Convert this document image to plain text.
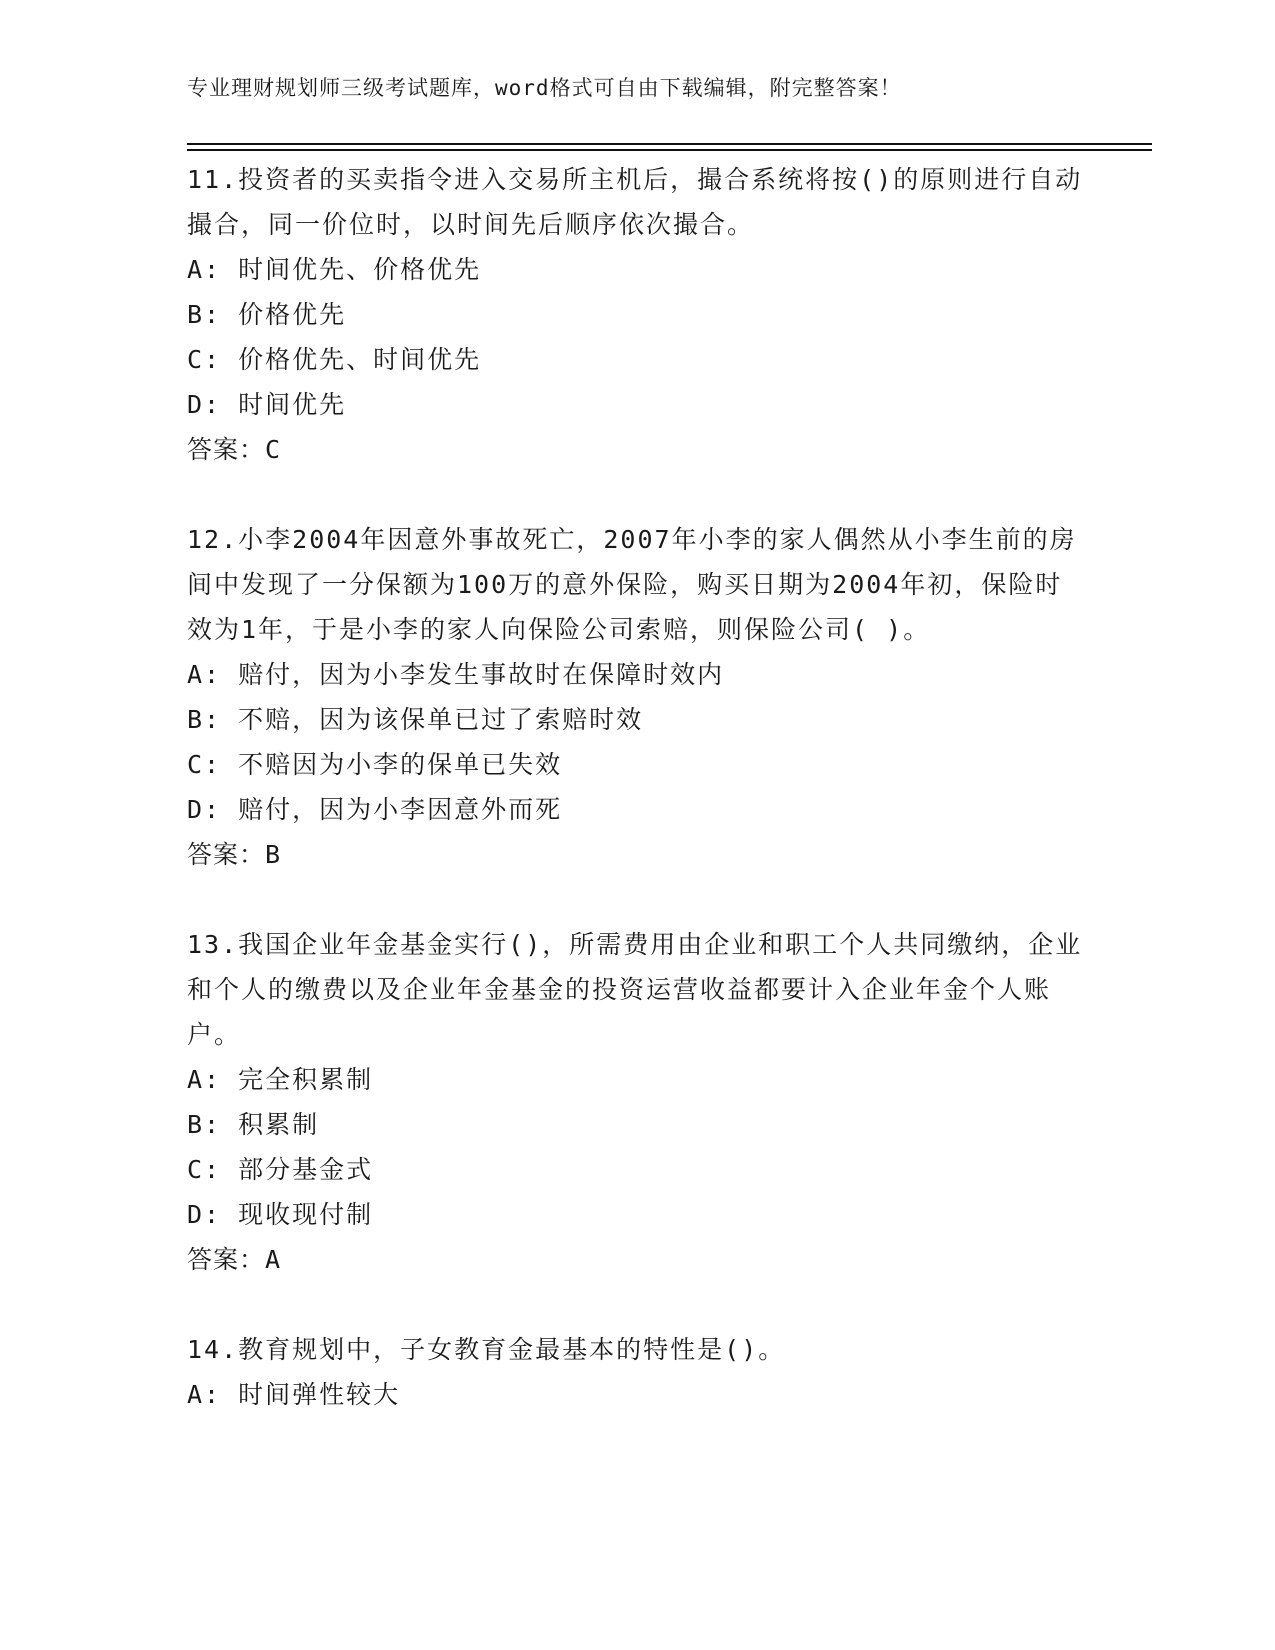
专业理财规划师三级考试题库，word格式可自由下载编辑，附完整答案！
11.投资者的买卖指令进入交易所主机后，撮合系统将按()的原则进行自动撮合，同一价位时，以时间先后顺序依次撮合。
A: 时间优先、价格优先
B: 价格优先
C: 价格优先、时间优先
D: 时间优先
答案：C
12.小李2004年因意外事故死亡，2007年小李的家人偶然从小李生前的房间中发现了一分保额为100万的意外保险，购买日期为2004年初，保险时效为1年，于是小李的家人向保险公司索赔，则保险公司( )。
A: 赔付，因为小李发生事故时在保障时效内
B: 不赔，因为该保单已过了索赔时效
C: 不赔因为小李的保单已失效
D: 赔付，因为小李因意外而死
答案：B
13.我国企业年金基金实行()，所需费用由企业和职工个人共同缴纳，企业和个人的缴费以及企业年金基金的投资运营收益都要计入企业年金个人账户。
A: 完全积累制
B: 积累制
C: 部分基金式
D: 现收现付制
答案：A
14.教育规划中，子女教育金最基本的特性是()。
A: 时间弹性较大
